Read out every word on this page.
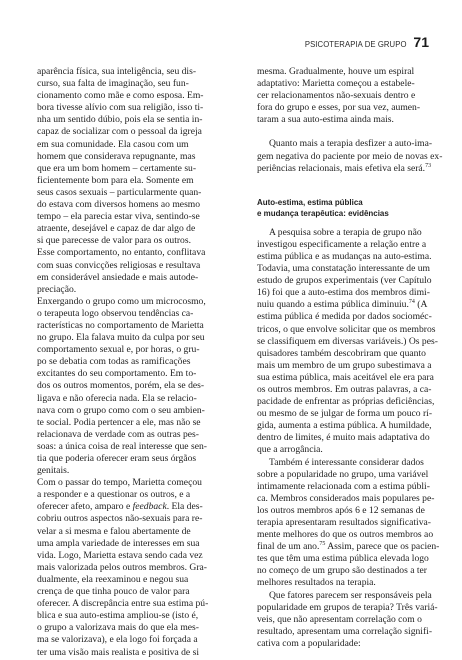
PSICOTERAPIA DE GRUPO 71

aparência física, sua inteligência, seu dis-
curso, sua falta de imaginação, seu fun-
cionamento como mãe e como esposa. Em-
bora tivesse alívio com sua religião, isso ti-
nha um sentido dúbio, pois ela se sentia in-
capaz de socializar com o pessoal da igreja
em sua comunidade. Ela casou com um
homem que considerava repugnante, mas
que era um bom homem – certamente su-
ficientemente bom para ela. Somente em
seus casos sexuais – particularmente quan-
do estava com diversos homens ao mesmo
tempo – ela parecia estar viva, sentindo-se
atraente, desejável e capaz de dar algo de
si que parecesse de valor para os outros.
Esse comportamento, no entanto, conflitava
com suas convicções religiosas e resultava
em considerável ansiedade e mais autode-
preciação.

Enxergando o grupo como um microcosmo,
o terapeuta logo observou tendências ca-
racterísticas no comportamento de Marietta
no grupo. Ela falava muito da culpa por seu
comportamento sexual e, por horas, o gru-
po se debatia com todas as ramificações
excitantes do seu comportamento. Em to-
dos os outros momentos, porém, ela se des-
ligava e não oferecia nada. Ela se relacio-
nava com o grupo como com o seu ambien-
te social. Podia pertencer a ele, mas não se
relacionava de verdade com as outras pes-
soas: a única coisa de real interesse que sen-
tia que poderia oferecer eram seus órgãos
genitais.

Com o passar do tempo, Marietta começou
a responder e a questionar os outros, e a
oferecer afeto, amparo e feedback. Ela des-
cobriu outros aspectos não-sexuais para re-
velar a si mesma e falou abertamente de
uma ampla variedade de interesses em sua
vida. Logo, Marietta estava sendo cada vez
mais valorizada pelos outros membros. Gra-
dualmente, ela reexaminou e negou sua
crença de que tinha pouco de valor para
oferecer. A discrepância entre sua estima pú-
blica e sua auto-estima ampliou-se (isto é,
o grupo a valorizava mais do que ela mes-
ma se valorizava), e ela logo foi forçada a
ter uma visão mais realista e positiva de si

mesma. Gradualmente, houve um espiral
adaptativo: Marietta começou a estabele-
cer relacionamentos não-sexuais dentro e
fora do grupo e esses, por sua vez, aumen-
taram a sua auto-estima ainda mais.

Quanto mais a terapia desfizer a auto-ima-
gem negativa do paciente por meio de novas ex-
periências relacionais, mais efetiva ela será.$^{73}$

Auto-estima, estima pública
e mudança terapêutica: evidências

A pesquisa sobre a terapia de grupo não
investigou especificamente a relação entre a
estima pública e as mudanças na auto-estima.
Todavia, uma constatação interessante de um
estudo de grupos experimentais (ver Capítulo
16) foi que a auto-estima dos membros dimi-
nuiu quando a estima pública diminuiu.$^{74}$ (A
estima pública é medida por dados socioméc-
tricos, o que envolve solicitar que os membros
se classifiquem em diversas variáveis.) Os pes-
quisadores também descobriram que quanto
mais um membro de um grupo subestimava a
sua estima pública, mais aceitável ele era para
os outros membros. Em outras palavras, a ca-
pacidade de enfrentar as próprias deficiências,
ou mesmo de se julgar de forma um pouco rí-
gida, aumenta a estima pública. A humildade,
dentro de limites, é muito mais adaptativa do
que a arrogância.

Também é interessante considerar dados
sobre a popularidade no grupo, uma variável
intimamente relacionada com a estima públi-
ca. Membros considerados mais populares pe-
los outros membros após 6 e 12 semanas de
terapia apresentaram resultados significativa-
mente melhores do que os outros membros ao
final de um ano.$^{75}$ Assim, parece que os pacien-
tes que têm uma estima pública elevada logo
no começo de um grupo são destinados a ter
melhores resultados na terapia.

Que fatores parecem ser responsáveis pela
popularidade em grupos de terapia? Três variá-
veis, que não apresentam correlação com o
resultado, apresentam uma correlação signifi-
cativa com a popularidade:
